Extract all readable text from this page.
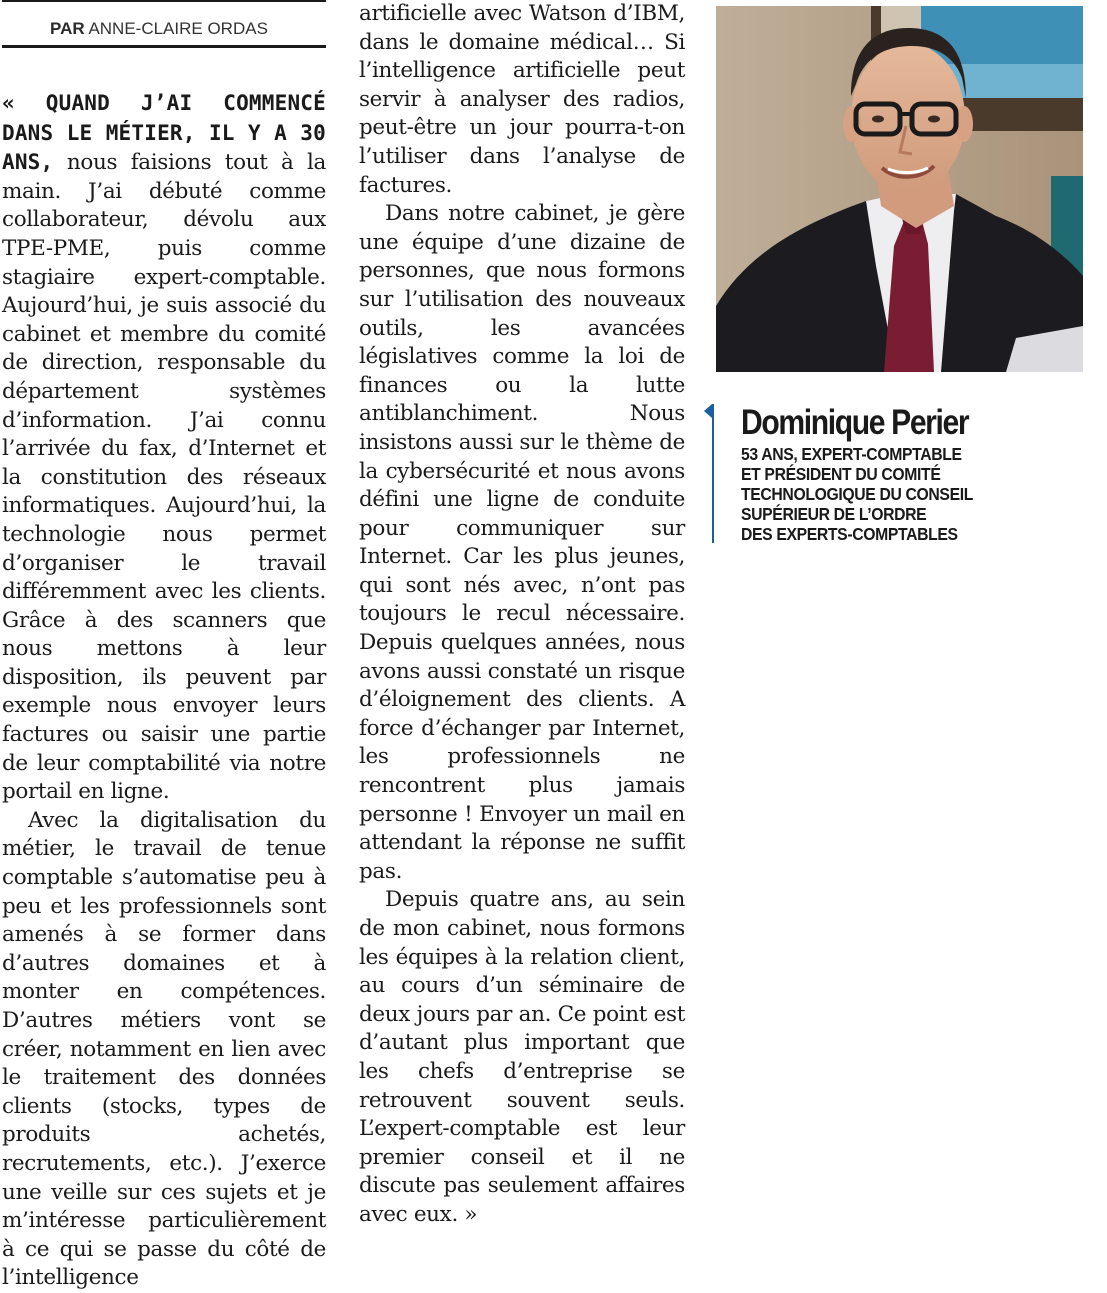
PAR ANNE-CLAIRE ORDAS

« QUAND J’AI COMMENCÉ DANS LE MÉTIER, IL Y A 30 ANS, nous faisions tout à la main. J’ai débuté comme collaborateur, dévolu aux TPE-PME, puis comme stagiaire expert-comptable. Aujourd’hui, je suis associé du cabinet et membre du comité de direction, responsable du département systèmes d’information. J’ai connu l’arrivée du fax, d’Internet et la constitution des réseaux informatiques. Aujourd’hui, la technologie nous permet d’organiser le travail différemment avec les clients. Grâce à des scanners que nous mettons à leur disposition, ils peuvent par exemple nous envoyer leurs factures ou saisir une partie de leur comptabilité via notre portail en ligne.

Avec la digitalisation du métier, le travail de tenue comptable s’automatise peu à peu et les professionnels sont amenés à se former dans d’autres domaines et à monter en compétences. D’autres métiers vont se créer, notamment en lien avec le traitement des données clients (stocks, types de produits achetés, recrutements, etc.). J’exerce une veille sur ces sujets et je m’intéresse particulièrement à ce qui se passe du côté de l’intelligence

artificielle avec Watson d’IBM, dans le domaine médical… Si l’intelligence artificielle peut servir à analyser des radios, peut-être un jour pourra-t-on l’utiliser dans l’analyse de factures.

Dans notre cabinet, je gère une équipe d’une dizaine de personnes, que nous formons sur l’utilisation des nouveaux outils, les avancées législatives comme la loi de finances ou la lutte antiblanchiment. Nous insistons aussi sur le thème de la cybersécurité et nous avons défini une ligne de conduite pour communiquer sur Internet. Car les plus jeunes, qui sont nés avec, n’ont pas toujours le recul nécessaire. Depuis quelques années, nous avons aussi constaté un risque d’éloignement des clients. A force d’échanger par Internet, les professionnels ne rencontrent plus jamais personne ! Envoyer un mail en attendant la réponse ne suffit pas.

Depuis quatre ans, au sein de mon cabinet, nous formons les équipes à la relation client, au cours d’un séminaire de deux jours par an. Ce point est d’autant plus important que les chefs d’entreprise se retrouvent souvent seuls. L’expert-comptable est leur premier conseil et il ne discute pas seulement affaires avec eux. »

Dominique Perier
53 ANS, EXPERT-COMPTABLE
ET PRÉSIDENT DU COMITÉ
TECHNOLOGIQUE DU CONSEIL
SUPÉRIEUR DE L’ORDRE
DES EXPERTS-COMPTABLES
